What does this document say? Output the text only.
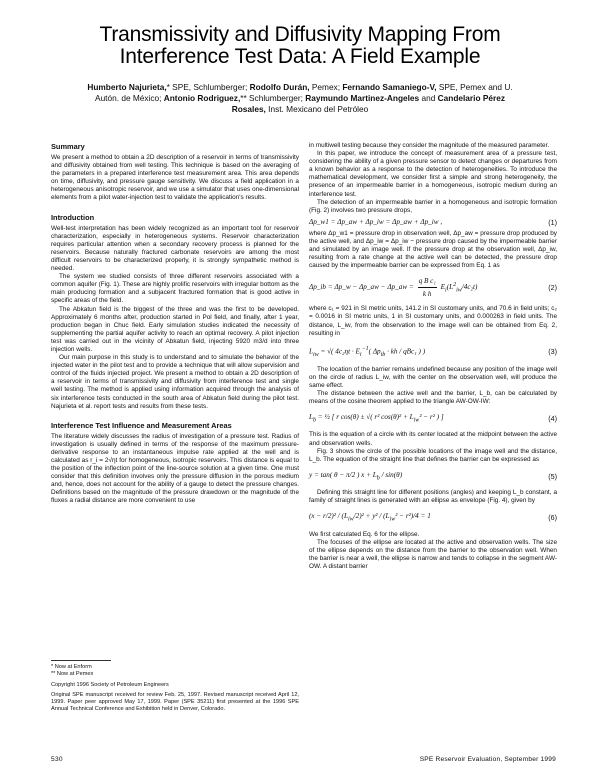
Transmissivity and Diffusivity Mapping From
Interference Test Data: A Field Example
Humberto Najurieta,* SPE, Schlumberger; Rodolfo Durán, Pemex; Fernando Samaniego-V, SPE, Pemex and U.
Autón. de México; Antonio Rodriguez,** Schlumberger; Raymundo Martinez-Angeles and Candelario Pérez
Rosales, Inst. Mexicano del Petróleo
Summary

We present a method to obtain a 2D description of a reservoir in terms of transmissivity and diffusivity obtained from well testing. This technique is based on the averaging of the parameters in a prepared interference test measurement area. This area depends on time, diffusivity, and pressure gauge sensitivity. We discuss a field application in a heterogeneous anisotropic reservoir, and we use a simulator that uses one-dimensional elements from a pilot water-injection test to validate the application's results.

Introduction

Well-test interpretation has been widely recognized as an important tool for reservoir characterization, especially in heterogeneous systems. Reservoir characterization requires particular attention when a secondary recovery process is planned for the reservoirs. Because naturally fractured carbonate reservoirs are among the most difficult reservoirs to be characterized properly, it is strongly sympathetic method is needed.

The system we studied consists of three different reservoirs associated with a common aquifer (Fig. 1). These are highly prolific reservoirs with irregular bottom as the main producing formation and a subjacent fractured formation that is good active in specific areas of the field.

The Abkatun field is the biggest of the three and was the first to be developed. Approximately 6 months after, production started in Pol field, and finally, after 1 year, production began in Chuc field. Early simulation studies indicated the necessity of supplementing the partial aquifer activity to reach an optimal recovery. A pilot injection test was carried out in the vicinity of Abkatun field, injecting 5920 m3/d into three injection wells.

Our main purpose in this study is to understand and to simulate the behavior of the injected water in the pilot test and to provide a technique that will allow supervision and control of the fluids injected project. We present a method to obtain a 2D description of a reservoir in terms of transmissivity and diffusivity from interference test and single well testing. The method is applied using information acquired through the analysis of six interference tests conducted in the south area of Abkatun field during the pilot test. Najurieta et al. report tests and results from these tests.

Interference Test Influence and Measurement Areas

The literature widely discusses the radius of investigation of a pressure test. Radius of investigation is usually defined in terms of the response of the maximum pressure-derivative response to an instantaneous impulse rate applied at the well and is calculated as r_i = 2√ηt for homogeneous, isotropic reservoirs. This distance is equal to the position of the inflection point of the line-source solution at a given time. One must consider that this definition involves only the pressure diffusion in the porous medium and, hence, does not account for the ability of a gauge to detect the pressure changes. Definitions based on the magnitude of the pressure drawdown or the magnitude of the fluxes a radial distance are more convenient to use

* Now at Enform

** Now at Pemex

Copyright 1996 Society of Petroleum Engineers

Original SPE manuscript received for review Feb. 25, 1997. Revised manuscript received April 12, 1999. Paper peer approved May 17, 1999. Paper (SPE 35211) first presented at the 1996 SPE Annual Technical Conference and Exhibition held in Denver, Colorado.

in multiwell testing because they consider the magnitude of the measured parameter.

In this paper, we introduce the concept of measurement area of a pressure test, considering the ability of a given pressure sensor to detect changes or departures from a known behavior as a response to the detection of heterogeneities. To introduce the mathematical development, we consider first a simple and strong heterogeneity, the presence of an impermeable barrier in a homogeneous, isotropic medium during an interference test.

The detection of an impermeable barrier in a homogeneous and isotropic formation (Fig. 2) involves two pressure drops,

Δp_w1 = Δp_aw + Δp_iw = Δp_aw + Δp_iw ,	(1)

where Δp_w1 = pressure drop in observation well, Δp_aw = pressure drop produced by the active well, and Δp_iw = Δp_iw − pressure drop caused by the impermeable barrier and simulated by an image well. If the pressure drop at the observation well, Δp_iw, resulting from a rate change at the active well can be detected, the pressure drop caused by the impermeable barrier can be expressed from Eq. 1 as

Δp_ib = Δp_w − Δp_aw − Δp_aw = $\frac{\text{q B c₁}}{\text{k h}} E_i(L^2_{iw}/4c_2t)$	(2)

where c₁ = 921 in SI metric units, 141.2 in SI customary units, and 70.6 in field units; c₂ = 0.0016 in SI metric units, 1 in SI customary units, and 0.000263 in field units. The distance, L_iw, from the observation to the image well can be obtained from Eq. 2, resulting in

$L_{iw}$ = √( $4c_2\eta t \cdot E_i^{-1}$( $\Delta p_{ib}$ · kh / qBc₁ ) )	(3)

The location of the barrier remains undefined because any position of the image well on the circle of radius L_iw, with the center on the observation well, will produce the same effect.

The distance between the active well and the barrier, L_b, can be calculated by means of the cosine theorem applied to the triangle AW-OW-IW:

$L_b$ = ½ [ r cos(θ) ± √( r² $\cos(\theta)^2 + L_{iw}^2 - r^2$ ) ]	(4)

This is the equation of a circle with its center located at the midpoint between the active and observation wells.

Fig. 3 shows the circle of the possible locations of the image well and the distance, L_b. The equation of the straight line that defines the barrier can be expressed as

y = tan( θ − π/2 ) $x + L_b / \sin(\theta)$	(5)

Defining this straight line for different positions (angles) and keeping L_b constant, a family of straight lines is generated with an ellipse as envelope (Fig. 4), given by

$(x - r/2)^2 / (L_{iw}/2)^2 + y^2 / (L_{iw}^2 - r^2)/4 = 1$	(6)

We first calculated Eq. 6 for the ellipse.

The focuses of the ellipse are located at the active and observation wells. The size of the ellipse depends on the distance from the barrier to the observation well. When the barrier is near a well, the ellipse is narrow and tends to collapse in the segment AW-OW. A distant barrier

530	SPE Reservoir Evaluation, September 1999
